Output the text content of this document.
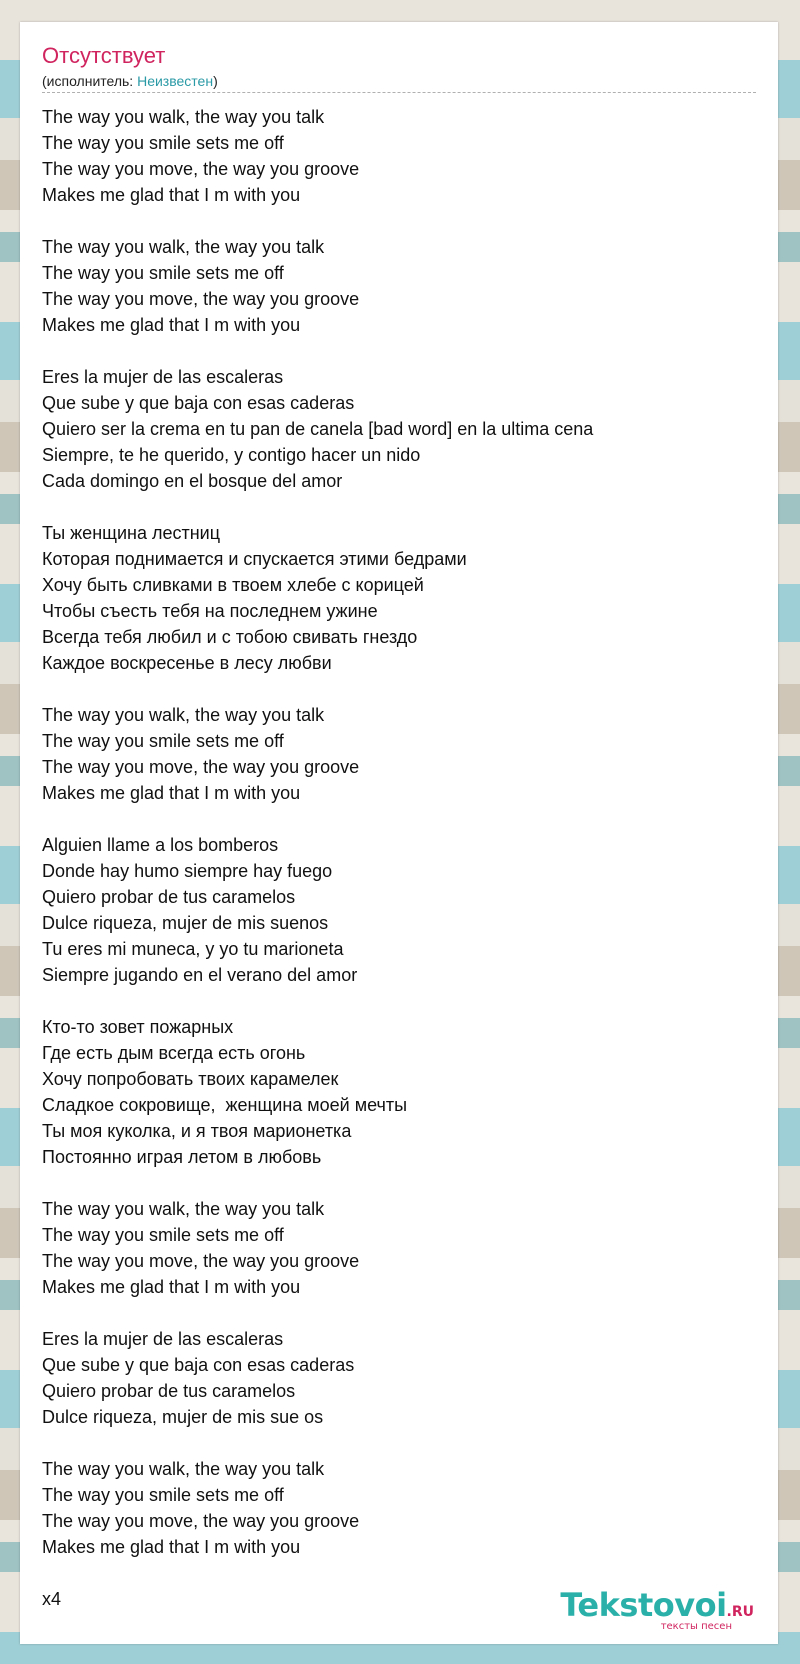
Отсутствует
(исполнитель: Неизвестен)
The way you walk, the way you talk
The way you smile sets me off
The way you move, the way you groove
Makes me glad that I m with you
The way you walk, the way you talk
The way you smile sets me off
The way you move, the way you groove
Makes me glad that I m with you
Eres la mujer de las escaleras
Que sube y que baja con esas caderas
Quiero ser la crema en tu pan de canela [bad word] en la ultima cena
Siempre, te he querido, y contigo hacer un nido
Cada domingo en el bosque del amor
Ты женщина лестниц
Которая поднимается и спускается этими бедрами
Хочу быть сливками в твоем хлебе с корицей
Чтобы съесть тебя на последнем ужине
Всегда тебя любил и с тобою свивать гнездо
Каждое воскресенье в лесу любви
The way you walk, the way you talk
The way you smile sets me off
The way you move, the way you groove
Makes me glad that I m with you
Alguien llame a los bomberos
Donde hay humo siempre hay fuego
Quiero probar de tus caramelos
Dulce riqueza, mujer de mis suenos
Tu eres mi muneca, y yo tu marioneta
Siempre jugando en el verano del amor
Кто-то зовет пожарных
Где есть дым всегда есть огонь
Хочу попробовать твоих карамелек
Сладкое сокровище,  женщина моей мечты
Ты моя куколка, и я твоя марионетка
Постоянно играя летом в любовь
The way you walk, the way you talk
The way you smile sets me off
The way you move, the way you groove
Makes me glad that I m with you
Eres la mujer de las escaleras
Que sube y que baja con esas caderas
Quiero probar de tus caramelos
Dulce riqueza, mujer de mis sue os
The way you walk, the way you talk
The way you smile sets me off
The way you move, the way you groove
Makes me glad that I m with you
x4	Tekstovoi.RU
тексты песен
